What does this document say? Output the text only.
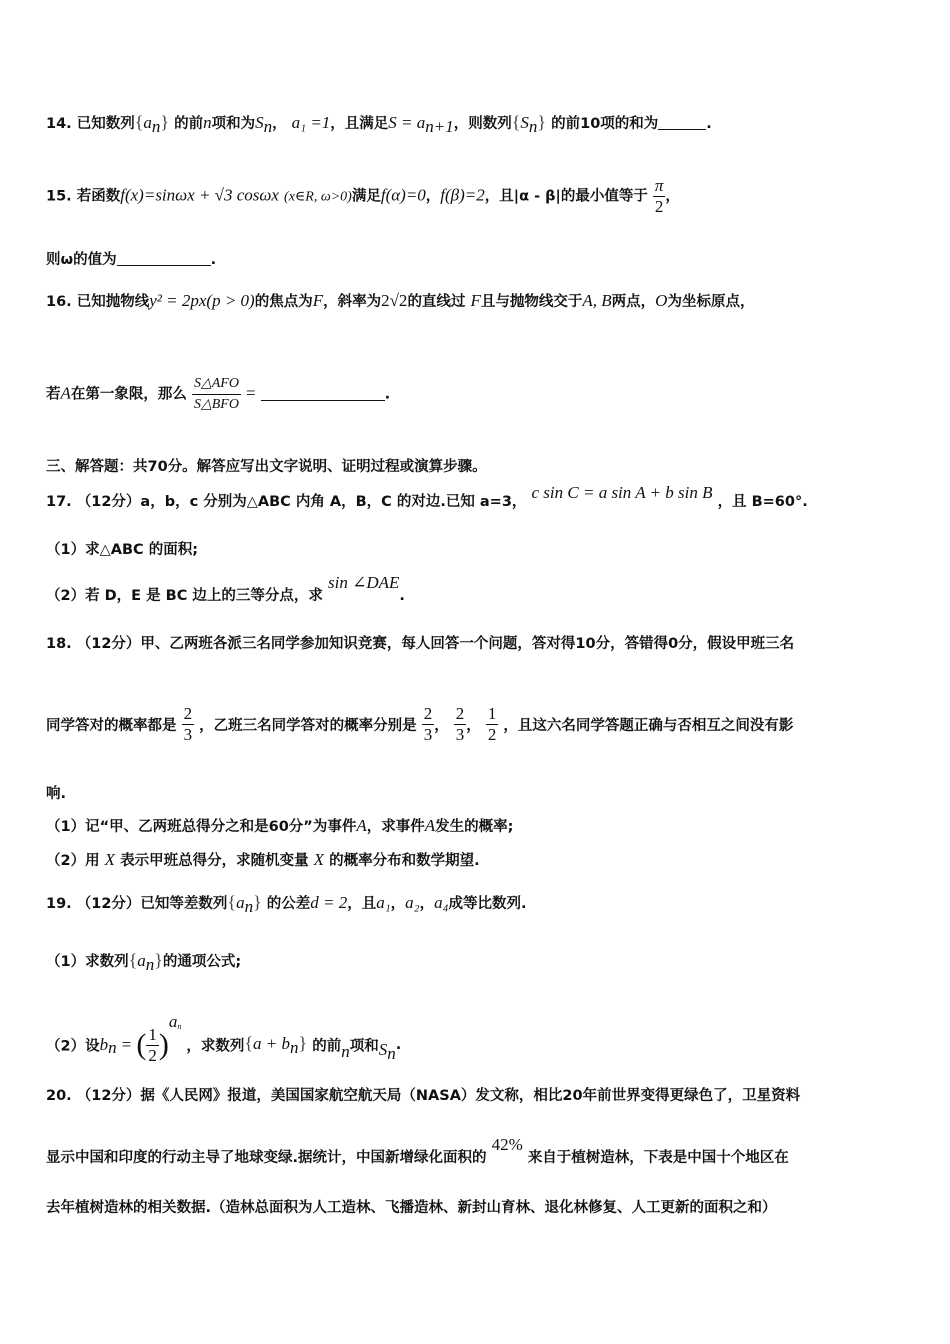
14. 已知数列$\{a_n\}$ 的前n项和为$S_n$， a₁ =1，且满足$S = a_{n+1}$，则数列$\{S_n\}$ 的前10项的和为	.
15. 若函数f(x)=sinωx + √3 cosωx (x∈R, ω>0)满足f(α)=0，f(β)=2，且|α - β|的最小值等于 $\frac{\pi}{2}$ ，
则ω的值为	.
16. 已知抛物线y² = 2px(p > 0)的焦点为F，斜率为2√2的直线过 F且与抛物线交于A, B两点，O为坐标原点，
若A在第一象限，那么 $\frac{\text{S△AFO}}{\text{S△BFO}}$ =	.
三、解答题：共70分。解答应写出文字说明、证明过程或演算步骤。
17. （12分）a，b，c 分别为△ABC 内角 A，B，C 的对边.已知 a=3， c sin C = a sin A + b sin B ，且 B=60°.
（1）求△ABC 的面积;
（2）若 D，E 是 BC 边上的三等分点，求 sin ∠DAE.
18. （12分）甲、乙两班各派三名同学参加知识竞赛，每人回答一个问题，答对得10分，答错得0分，假设甲班三名
同学答对的概率都是 $\frac{2}{3}$ ，乙班三名同学答对的概率分别是 $\frac{2}{3}$ ， $\frac{2}{3}$ ， $\frac{1}{2}$ ，且这六名同学答题正确与否相互之间没有影
响.
（1）记“甲、乙两班总得分之和是60分”为事件A，求事件A发生的概率;
（2）用 X 表示甲班总得分，求随机变量 X 的概率分布和数学期望.
19. （12分）已知等差数列$\{a_n\}$ 的公差d = 2，且a₁，a₂，a₄成等比数列.
（1）求数列$\{a_n\}$的通项公式;
（2）设$b_n$ = ( $\frac{1}{2} )^{an}$ ，求数列$\{a + b_n\}$ 的前n项和$S_n$.
20. （12分）据《人民网》报道，美国国家航空航天局（NASA）发文称，相比20年前世界变得更绿色了，卫星资料
显示中国和印度的行动主导了地球变绿.据统计，中国新增绿化面积的 42% 来自于植树造林，下表是中国十个地区在
去年植树造林的相关数据.（造林总面积为人工造林、飞播造林、新封山育林、退化林修复、人工更新的面积之和）
